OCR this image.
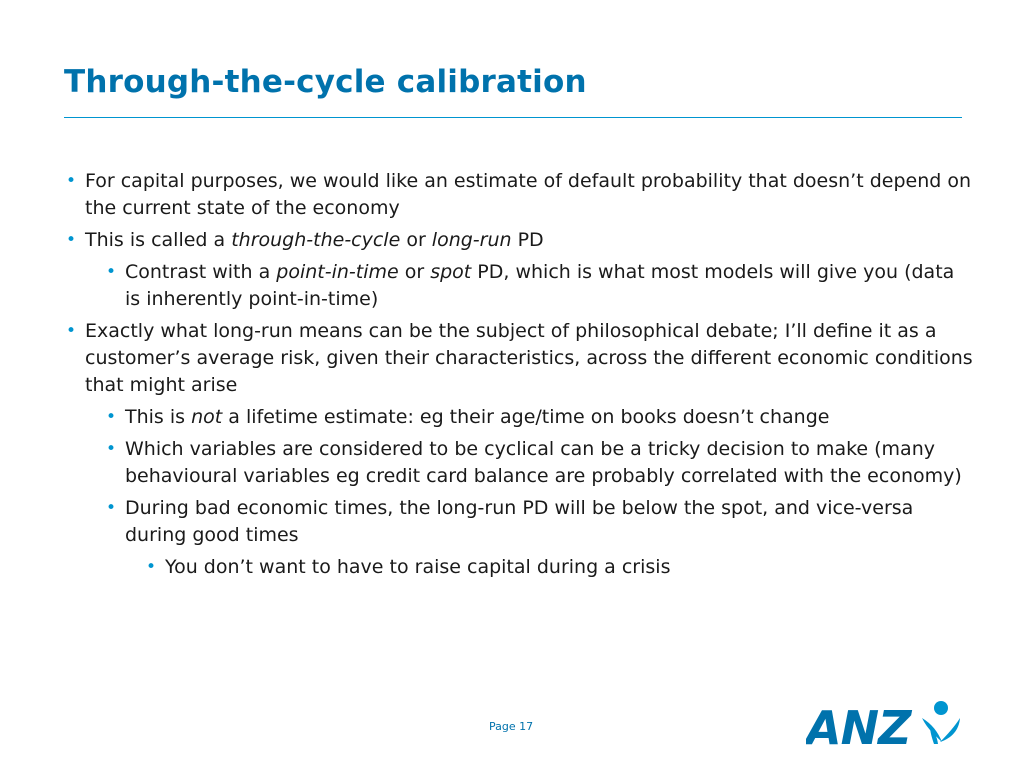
Through-the-cycle calibration
• For capital purposes, we would like an estimate of default probability that doesn’t depend on the current state of the economy
• This is called a through-the-cycle or long-run PD
• Contrast with a point-in-time or spot PD, which is what most models will give you (data is inherently point-in-time)
• Exactly what long-run means can be the subject of philosophical debate; I’ll define it as a customer’s average risk, given their characteristics, across the different economic conditions that might arise
• This is not a lifetime estimate: eg their age/time on books doesn’t change
• Which variables are considered to be cyclical can be a tricky decision to make (many behavioural variables eg credit card balance are probably correlated with the economy)
• During bad economic times, the long-run PD will be below the spot, and vice-versa during good times
• You don’t want to have to raise capital during a crisis
Page 17	ANZ
